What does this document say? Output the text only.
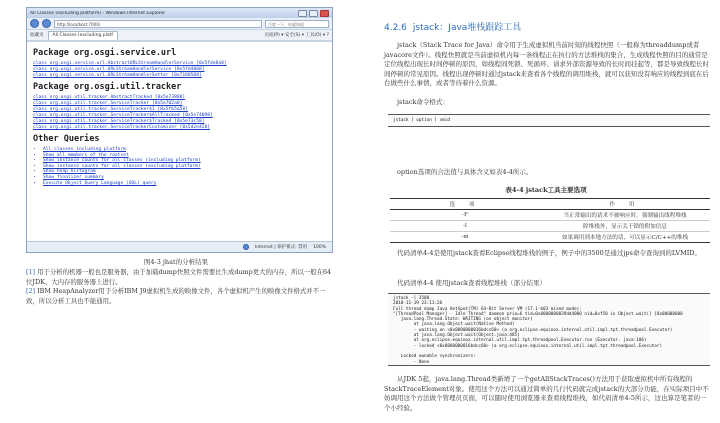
All Classes (excluding platform) - Windows Internet Explorer
http://localhost:7000/	百度一下，你就知道
收藏夹	All Classes (excluding platf	页面(P) ▾ 安全(S) ▾ 工具(O) ▾ ?
Package org.osgi.service.url
class org.osgi.service.url.AbstractURLStreamHandlerService [0x5fde8a8]
class org.osgi.service.url.URLStreamHandlerService [0x5fd4868]
class org.osgi.service.url.URLStreamHandlerSetter [0x7168588]
Package org.osgi.util.tracker
class org.osgi.util.tracker.AbstractTracked [0x5e73888]
class org.osgi.util.tracker.ServiceTracker [0x5e702a0]
class org.osgi.util.tracker.ServiceTracker$1 [0x5fb5a58]
class org.osgi.util.tracker.ServiceTracker$AllTracked [0x5e74098]
class org.osgi.util.tracker.ServiceTracker$Tracked [0x5e73c58]
class org.osgi.util.tracker.ServiceTrackerCustomizer [0x5d2e428]
Other Queries
• All classes including platform
• Show all members of the rootset
• Show instance counts for all classes (including platform)
• Show instance counts for all classes (excluding platform)
• Show heap histogram
• Show finalizer summary
• Execute Object Query Language (OQL) query
Internet | 保护模式: 禁用 100%
图4-3 jhat的分析结果

[1] 用于分析的机器一般也是服务器，由于加载dump快照文件需要比生成dump更大的内存，所以一般在64位JDK、大内存的服务器上进行。

[2] IBM HeapAnalyzer用于分析IBM J9虚拟机生成的映像文件，各个虚拟机产生的映像文件格式并不一致，所以分析工具也不能通用。

4.2.6 jstack：Java堆栈跟踪工具

jstack（Stack Trace for Java）命令用于生成虚拟机当前时刻的线程快照（一般称为threaddump或者javacore文件）。线程快照就是当前虚拟机内每一条线程正在执行的方法堆栈的集合，生成线程快照的目的通常是定位线程出现长时间停顿的原因，如线程间死锁、死循环、请求外部资源导致的长时间挂起等，都是导致线程长时间停顿的常见原因。线程出现停顿时通过jstack来查看各个线程的调用堆栈，就可以获知没有响应的线程到底在后台做些什么事情，或者等待着什么资源。

jstack命令格式：

jstack [ option ] vmid

option选项的合法值与具体含义如表4-4所示。

表4-4 jstack工具主要选项
选 项	作 用
-F	当正常输出的请求不被响应时，强制输出线程堆栈
-l	除堆栈外，显示关于锁的附加信息
-m	如果调用到本地方法的话，可以显示C/C++的堆栈

代码清单4-4是使用jstack查看Eclipse线程堆栈的例子，例子中的3500是通过jps命令查询到的LVMID。

代码清单4-4 使用jstack查看线程堆栈（部分结果）

jstack -l 3500
2010-11-19 23:11:26
Full thread dump Java HotSpot(TM) 64-Bit Server VM (17.1-b03 mixed mode):
"[ThreadPool Manager] - Idle Thread" daemon prio=6 tid=0x0000000039dd4000 nid=0xf50 in Object.wait() [0x00000000
java.lang.Thread.State: WAITING (on object monitor)
at java.lang.Object.wait(Native Method)
- waiting on <0x0000000016bdcc60> (a org.eclipse.equinox.internal.util.impl.tpt.threadpool.Executor)
at java.lang.Object.wait(Object.java:485)
at org.eclipse.equinox.internal.util.impl.tpt.threadpool.Executor.run (Executor. java:106)
- locked <0x0000000016bdcc60> (a org.eclipse.equinox.internal.util.impl.tpt.threadpool.Executor)

Locked ownable synchronizers:
- None

从JDK 5起，java.lang.Thread类新增了一个getAllStackTraces()方法用于获取虚拟机中所有线程的StackTraceElement对象。使用这个方法可以通过简单的几行代码就完成jstack的大部分功能，在实际项目中不妨调用这个方法做个管理员页面，可以随时使用浏览器来查看线程堆栈，如代码清单4-5所示，这也算是笔者的一个小经验。
